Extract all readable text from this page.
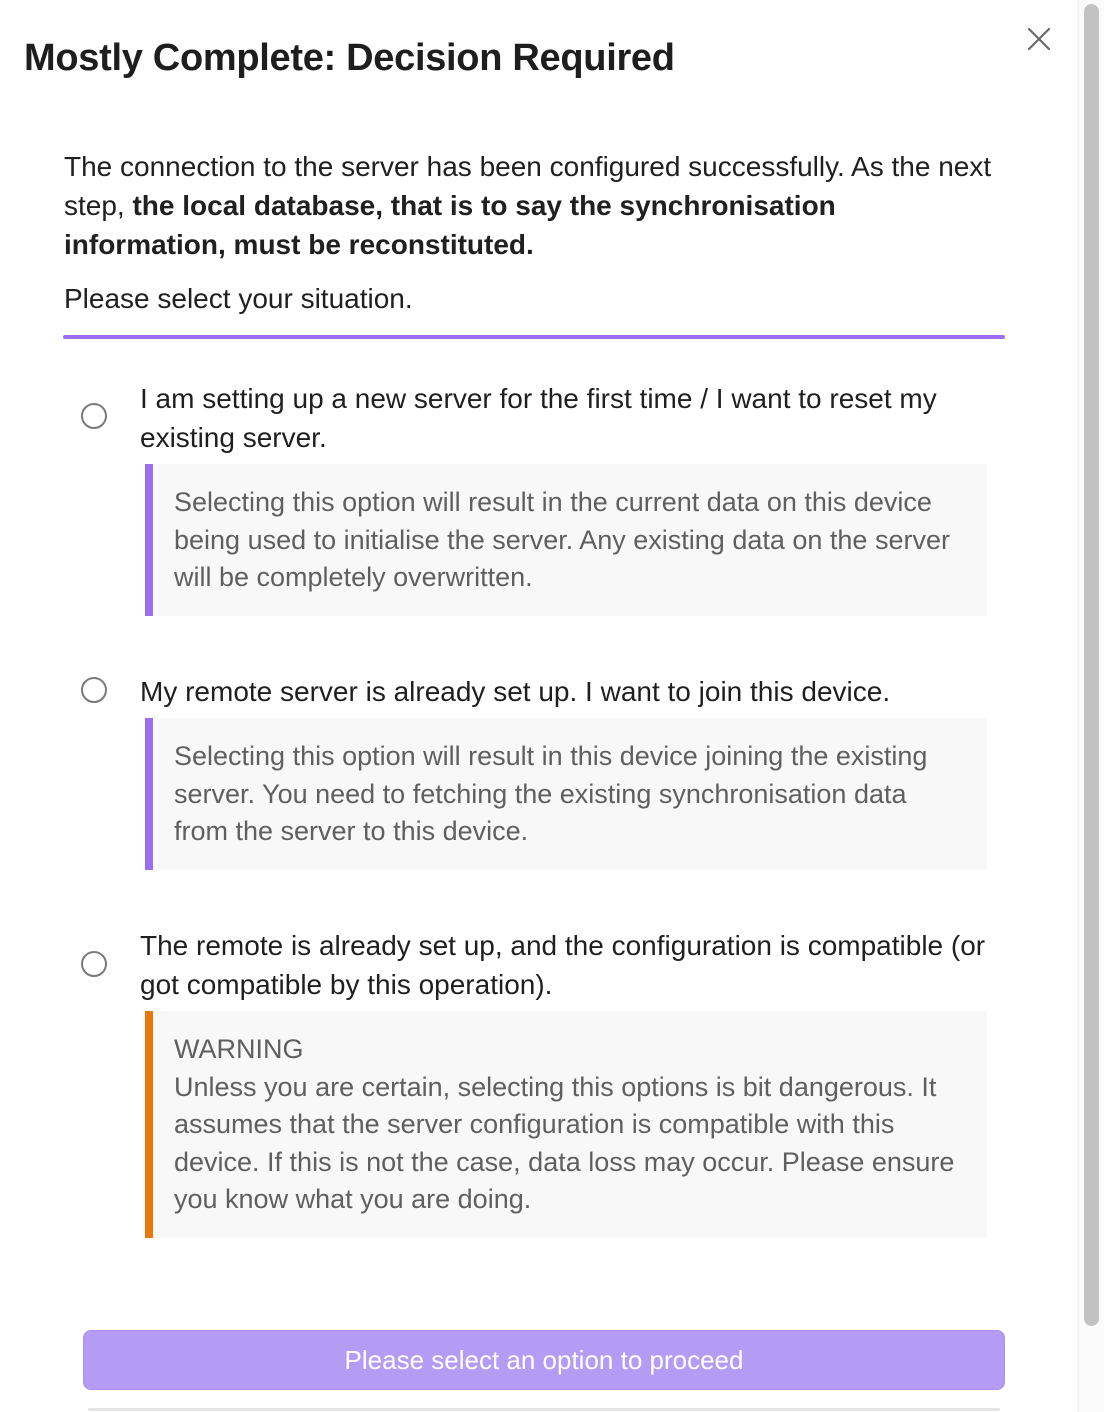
Mostly Complete: Decision Required

The connection to the server has been configured successfully. As the next step, the local database, that is to say the synchronisation information, must be reconstituted.

Please select your situation.
I am setting up a new server for the first time / I want to reset my existing server.
Selecting this option will result in the current data on this device being used to initialise the server. Any existing data on the server will be completely overwritten.
My remote server is already set up. I want to join this device.
Selecting this option will result in this device joining the existing server. You need to fetching the existing synchronisation data from the server to this device.
The remote is already set up, and the configuration is compatible (or got compatible by this operation).
WARNING
Unless you are certain, selecting this options is bit dangerous. It assumes that the server configuration is compatible with this device. If this is not the case, data loss may occur. Please ensure you know what you are doing.
Please select an option to proceed
